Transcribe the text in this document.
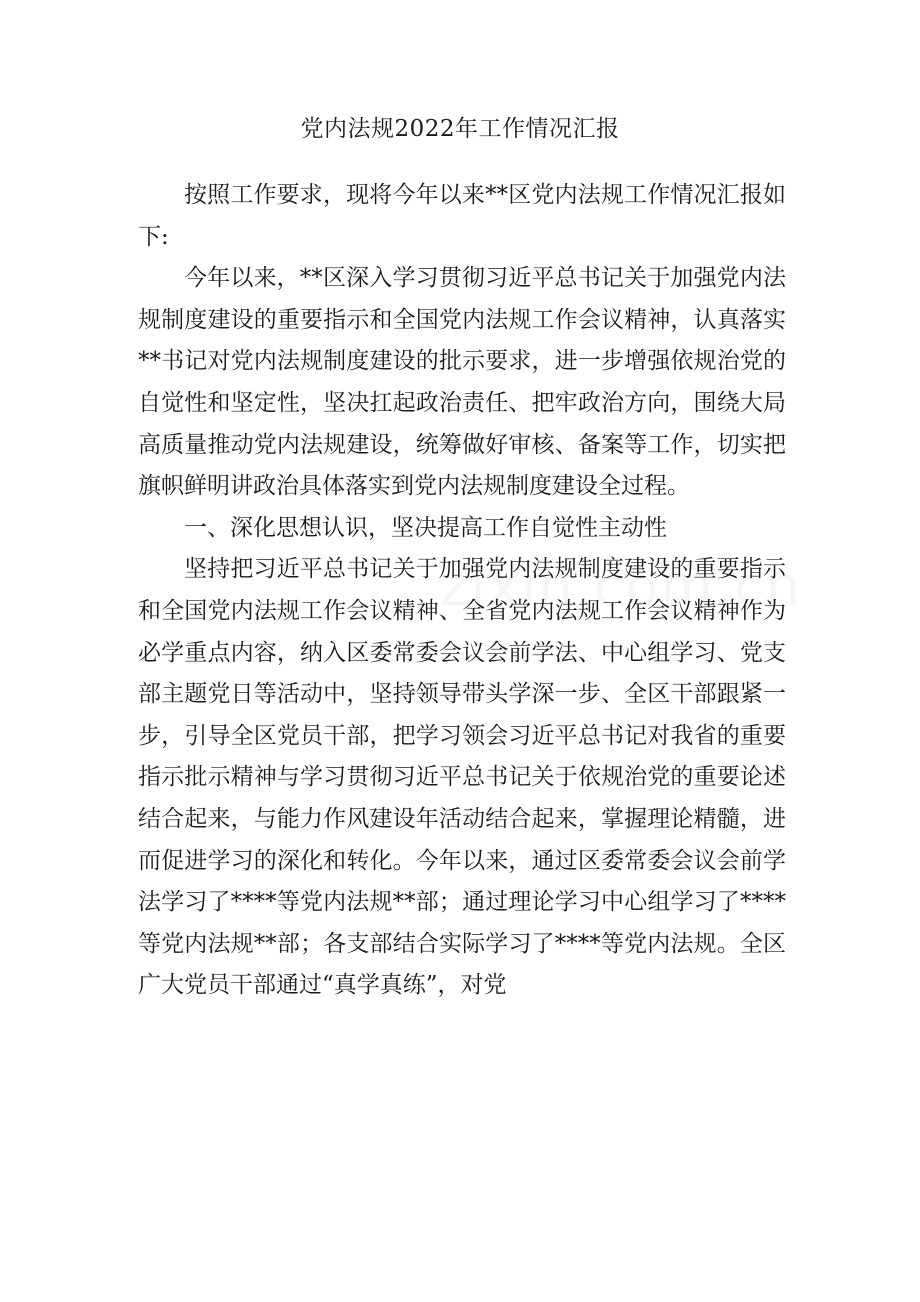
党内法规2022年工作情况汇报

按照工作要求，现将今年以来**区党内法规工作情况汇报如下:

今年以来，**区深入学习贯彻习近平总书记关于加强党内法规制度建设的重要指示和全国党内法规工作会议精神，认真落实**书记对党内法规制度建设的批示要求，进一步增强依规治党的自觉性和坚定性，坚决扛起政治责任、把牢政治方向，围绕大局高质量推动党内法规建设，统筹做好审核、备案等工作，切实把旗帜鲜明讲政治具体落实到党内法规制度建设全过程。

一、深化思想认识，坚决提高工作自觉性主动性

坚持把习近平总书记关于加强党内法规制度建设的重要指示和全国党内法规工作会议精神、全省党内法规工作会议精神作为必学重点内容，纳入区委常委会议会前学法、中心组学习、党支部主题党日等活动中，坚持领导带头学深一步、全区干部跟紧一步，引导全区党员干部，把学习领会习近平总书记对我省的重要指示批示精神与学习贯彻习近平总书记关于依规治党的重要论述结合起来，与能力作风建设年活动结合起来，掌握理论精髓，进而促进学习的深化和转化。今年以来，通过区委常委会议会前学法学习了****等党内法规**部；通过理论学习中心组学习了****等党内法规**部；各支部结合实际学习了****等党内法规。全区广大党员干部通过“真学真练”，对党
